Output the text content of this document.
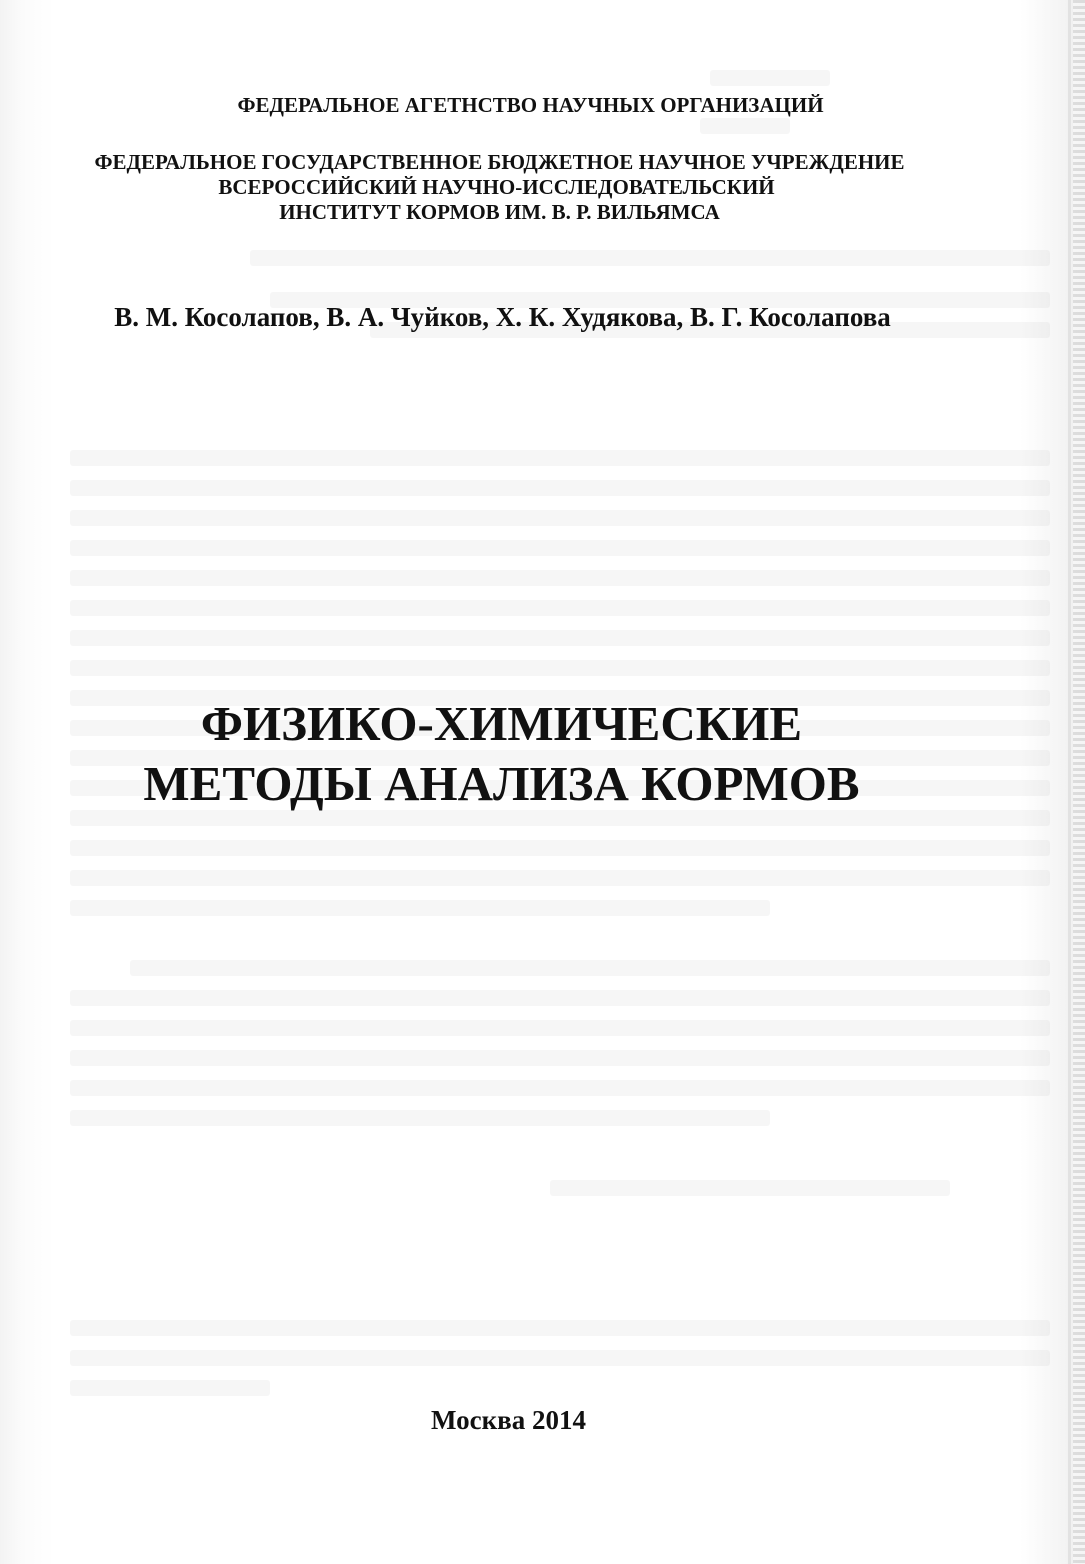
ФЕДЕРАЛЬНОЕ АГЕТНСТВО НАУЧНЫХ ОРГАНИЗАЦИЙ
ФЕДЕРАЛЬНОЕ ГОСУДАРСТВЕННОЕ БЮДЖЕТНОЕ НАУЧНОЕ УЧРЕЖДЕНИЕ
ВСЕРОССИЙСКИЙ НАУЧНО-ИССЛЕДОВАТЕЛЬСКИЙ
ИНСТИТУТ КОРМОВ ИМ. В. Р. ВИЛЬЯМСА
В. М. Косолапов, В. А. Чуйков, Х. К. Худякова, В. Г. Косолапова
ФИЗИКО-ХИМИЧЕСКИЕ
МЕТОДЫ АНАЛИЗА КОРМОВ
Москва 2014
